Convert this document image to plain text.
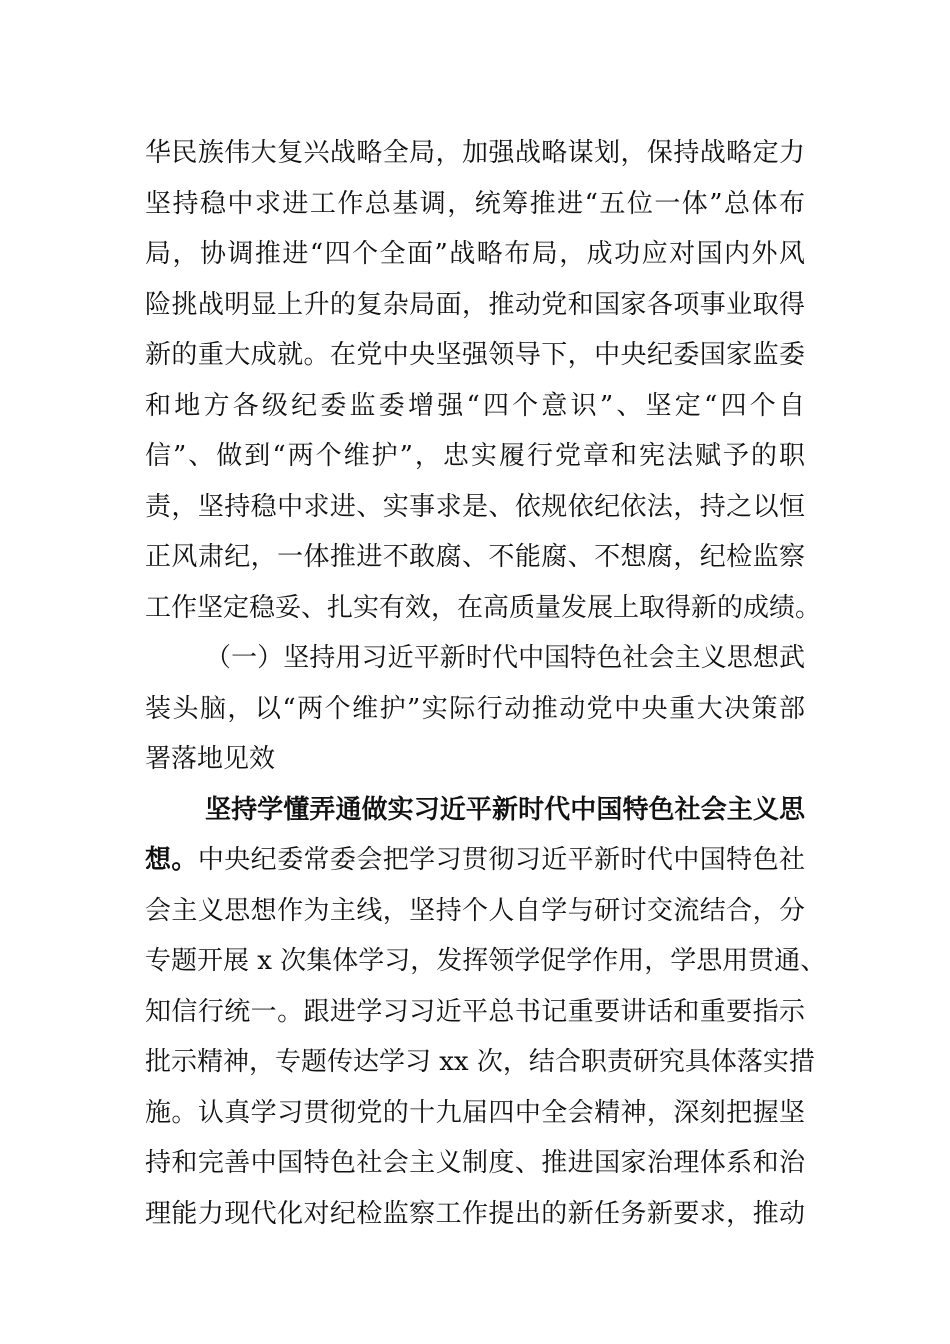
华民族伟大复兴战略全局，加强战略谋划，保持战略定力
坚持稳中求进工作总基调，统筹推进“五位一体”总体布
局，协调推进“四个全面”战略布局，成功应对国内外风
险挑战明显上升的复杂局面，推动党和国家各项事业取得
新的重大成就。在党中央坚强领导下，中央纪委国家监委
和地方各级纪委监委增强“四个意识”、坚定“四个自
信”、做到“两个维护”，忠实履行党章和宪法赋予的职
责，坚持稳中求进、实事求是、依规依纪依法，持之以恒
正风肃纪，一体推进不敢腐、不能腐、不想腐，纪检监察
工作坚定稳妥、扎实有效，在高质量发展上取得新的成绩。
（一）坚持用习近平新时代中国特色社会主义思想武
装头脑，以“两个维护”实际行动推动党中央重大决策部
署落地见效
坚持学懂弄通做实习近平新时代中国特色社会主义思
想。中央纪委常委会把学习贯彻习近平新时代中国特色社
会主义思想作为主线，坚持个人自学与研讨交流结合，分
专题开展 x 次集体学习，发挥领学促学作用，学思用贯通、
知信行统一。跟进学习习近平总书记重要讲话和重要指示
批示精神，专题传达学习 xx 次，结合职责研究具体落实措
施。认真学习贯彻党的十九届四中全会精神，深刻把握坚
持和完善中国特色社会主义制度、推进国家治理体系和治
理能力现代化对纪检监察工作提出的新任务新要求，推动
